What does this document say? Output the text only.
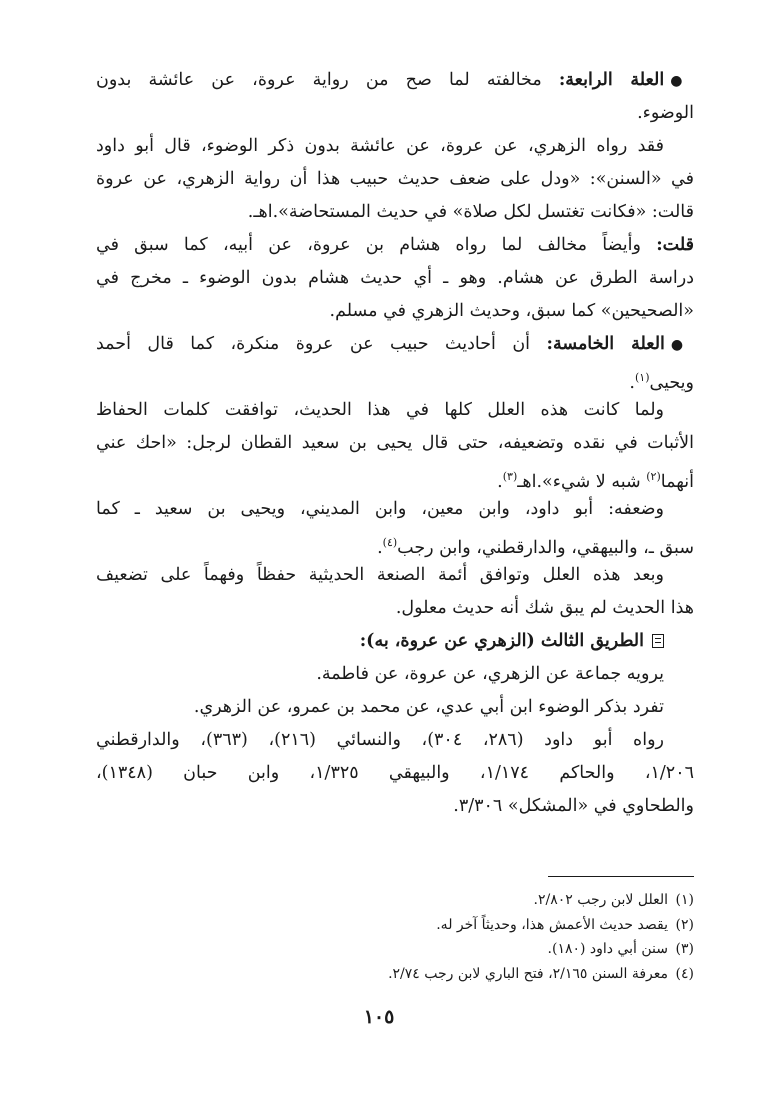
●العلة الرابعة: مخالفته لما صح من رواية عروة، عن عائشة بدون
الوضوء.
فقد رواه الزهري، عن عروة، عن عائشة بدون ذكر الوضوء، قال أبو داود
في «السنن»: «ودل على ضعف حديث حبيب هذا أن رواية الزهري، عن عروة
قالت: «فكانت تغتسل لكل صلاة» في حديث المستحاضة».اهـ.
قلت: وأيضاً مخالف لما رواه هشام بن عروة، عن أبيه، كما سبق في
دراسة الطرق عن هشام. وهو ـ أي حديث هشام بدون الوضوء ـ مخرج في
«الصحيحين» كما سبق، وحديث الزهري في مسلم.
●العلة الخامسة: أن أحاديث حبيب عن عروة منكرة، كما قال أحمد
ويحيى$^{(١)}$.
ولما كانت هذه العلل كلها في هذا الحديث، توافقت كلمات الحفاظ
الأثبات في نقده وتضعيفه، حتى قال يحيى بن سعيد القطان لرجل: «احك عني
أنهما$^{(٢)}$ شبه لا شيء».اهـ$^{(٣)}$.
وضعفه: أبو داود، وابن معين، وابن المديني، ويحيى بن سعيد ـ كما
سبق ـ، والبيهقي، والدارقطني، وابن رجب$^{(٤)}$.
وبعد هذه العلل وتوافق أئمة الصنعة الحديثية حفظاً وفهماً على تضعيف
هذا الحديث لم يبق شك أنه حديث معلول.
الطريق الثالث (الزهري عن عروة، به):
يرويه جماعة عن الزهري، عن عروة، عن فاطمة.
تفرد بذكر الوضوء ابن أبي عدي، عن محمد بن عمرو، عن الزهري.
رواه أبو داود (٢٨٦، ٣٠٤)، والنسائي (٢١٦)، (٣٦٣)، والدارقطني
١/٢٠٦، والحاكم ١/١٧٤، والبيهقي ١/٣٢٥، وابن حبان (١٣٤٨)،
والطحاوي في «المشكل» ٣/٣٠٦.
(١)العلل لابن رجب ٢/٨٠٢.
(٢)يقصد حديث الأعمش هذا، وحديثاً آخر له.
(٣)سنن أبي داود (١٨٠).
(٤)معرفة السنن ٢/١٦٥، فتح الباري لابن رجب ٢/٧٤.
١٠٥
